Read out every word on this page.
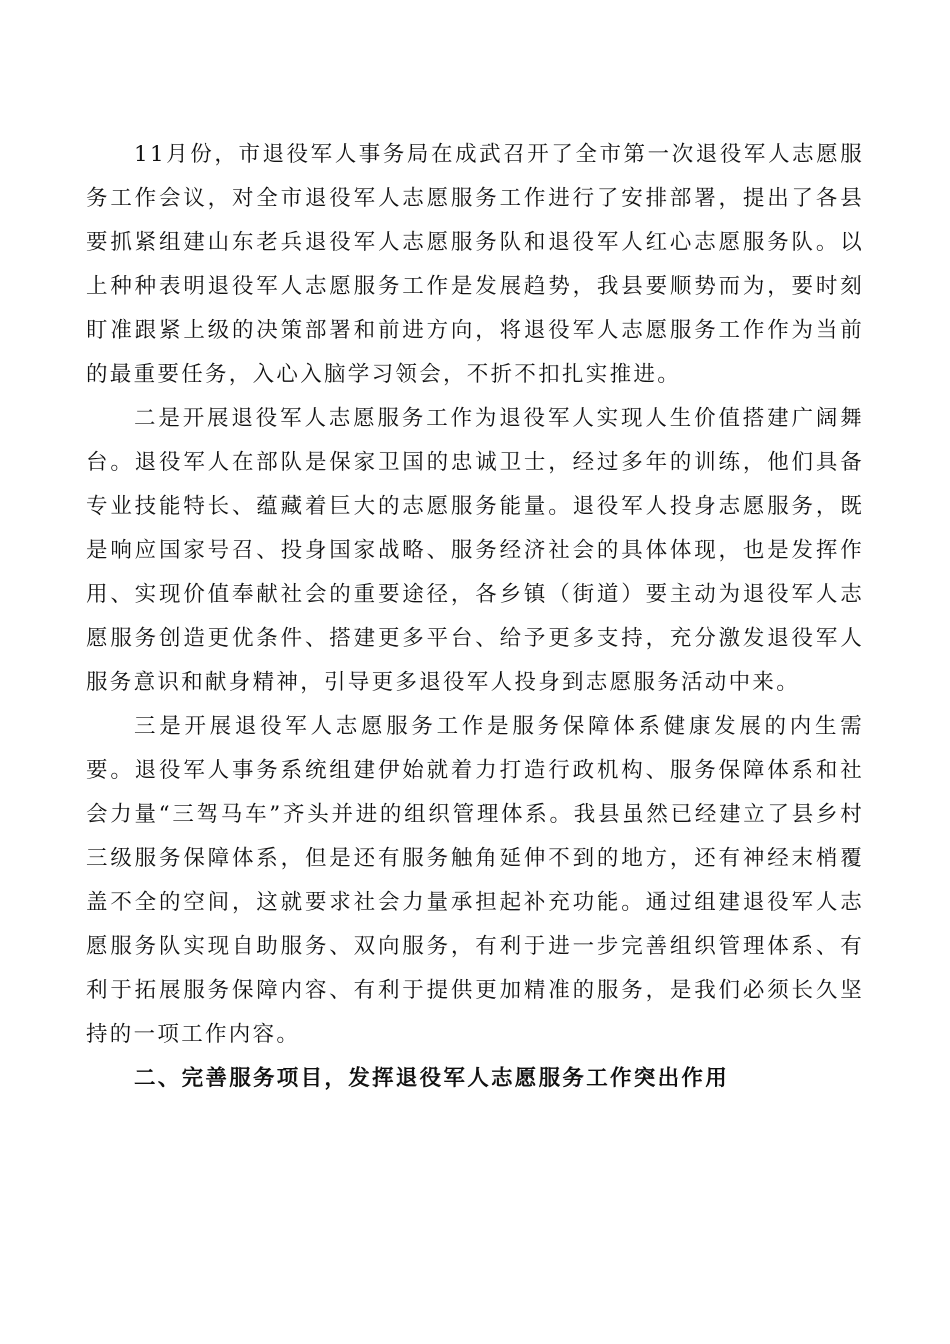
11月份，市退役军人事务局在成武召开了全市第一次退役军人志愿服务工作会议，对全市退役军人志愿服务工作进行了安排部署，提出了各县要抓紧组建山东老兵退役军人志愿服务队和退役军人红心志愿服务队。以上种种表明退役军人志愿服务工作是发展趋势，我县要顺势而为，要时刻盯准跟紧上级的决策部署和前进方向，将退役军人志愿服务工作作为当前的最重要任务，入心入脑学习领会，不折不扣扎实推进。

二是开展退役军人志愿服务工作为退役军人实现人生价值搭建广阔舞台。退役军人在部队是保家卫国的忠诚卫士，经过多年的训练，他们具备专业技能特长、蕴藏着巨大的志愿服务能量。退役军人投身志愿服务，既是响应国家号召、投身国家战略、服务经济社会的具体体现，也是发挥作用、实现价值奉献社会的重要途径，各乡镇（街道）要主动为退役军人志愿服务创造更优条件、搭建更多平台、给予更多支持，充分激发退役军人服务意识和献身精神，引导更多退役军人投身到志愿服务活动中来。

三是开展退役军人志愿服务工作是服务保障体系健康发展的内生需要。退役军人事务系统组建伊始就着力打造行政机构、服务保障体系和社会力量“三驾马车”齐头并进的组织管理体系。我县虽然已经建立了县乡村三级服务保障体系，但是还有服务触角延伸不到的地方，还有神经末梢覆盖不全的空间，这就要求社会力量承担起补充功能。通过组建退役军人志愿服务队实现自助服务、双向服务，有利于进一步完善组织管理体系、有利于拓展服务保障内容、有利于提供更加精准的服务，是我们必须长久坚持的一项工作内容。

二、完善服务项目，发挥退役军人志愿服务工作突出作用
